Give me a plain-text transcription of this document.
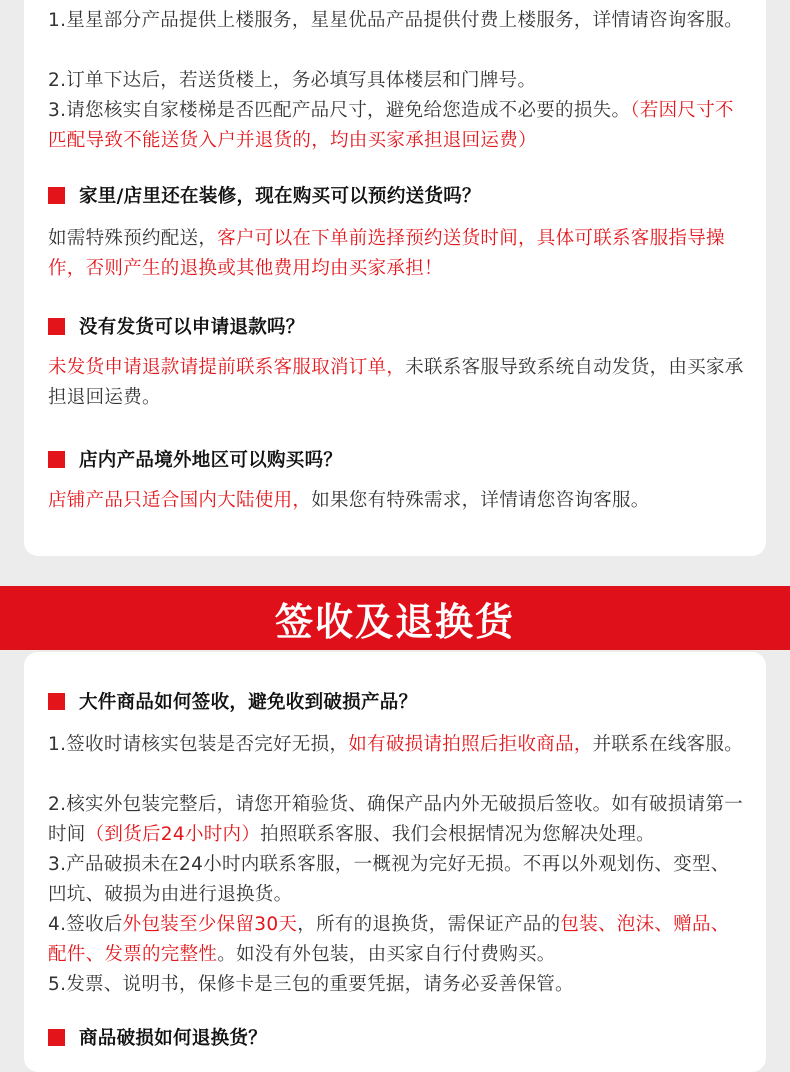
1.星星部分产品提供上楼服务，星星优品产品提供付费上楼服务，详情请咨询客服。

2.订单下达后，若送货楼上，务必填写具体楼层和门牌号。

3.请您核实自家楼梯是否匹配产品尺寸，避免给您造成不必要的损失。（若因尺寸不匹配导致不能送货入户并退货的，均由买家承担退回运费）

家里/店里还在装修，现在购买可以预约送货吗？

如需特殊预约配送，客户可以在下单前选择预约送货时间，具体可联系客服指导操作，否则产生的退换或其他费用均由买家承担！

没有发货可以申请退款吗？

未发货申请退款请提前联系客服取消订单，未联系客服导致系统自动发货，由买家承担退回运费。

店内产品境外地区可以购买吗？

店铺产品只适合国内大陆使用，如果您有特殊需求，详情请您咨询客服。

签收及退换货
大件商品如何签收，避免收到破损产品？

1.签收时请核实包装是否完好无损，如有破损请拍照后拒收商品，并联系在线客服。

2.核实外包装完整后，请您开箱验货、确保产品内外无破损后签收。如有破损请第一时间（到货后24小时内）拍照联系客服、我们会根据情况为您解决处理。

3.产品破损未在24小时内联系客服，一概视为完好无损。不再以外观划伤、变型、凹坑、破损为由进行退换货。

4.签收后外包装至少保留30天，所有的退换货，需保证产品的包装、泡沫、赠品、配件、发票的完整性。如没有外包装，由买家自行付费购买。

5.发票、说明书，保修卡是三包的重要凭据，请务必妥善保管。

商品破损如何退换货？
